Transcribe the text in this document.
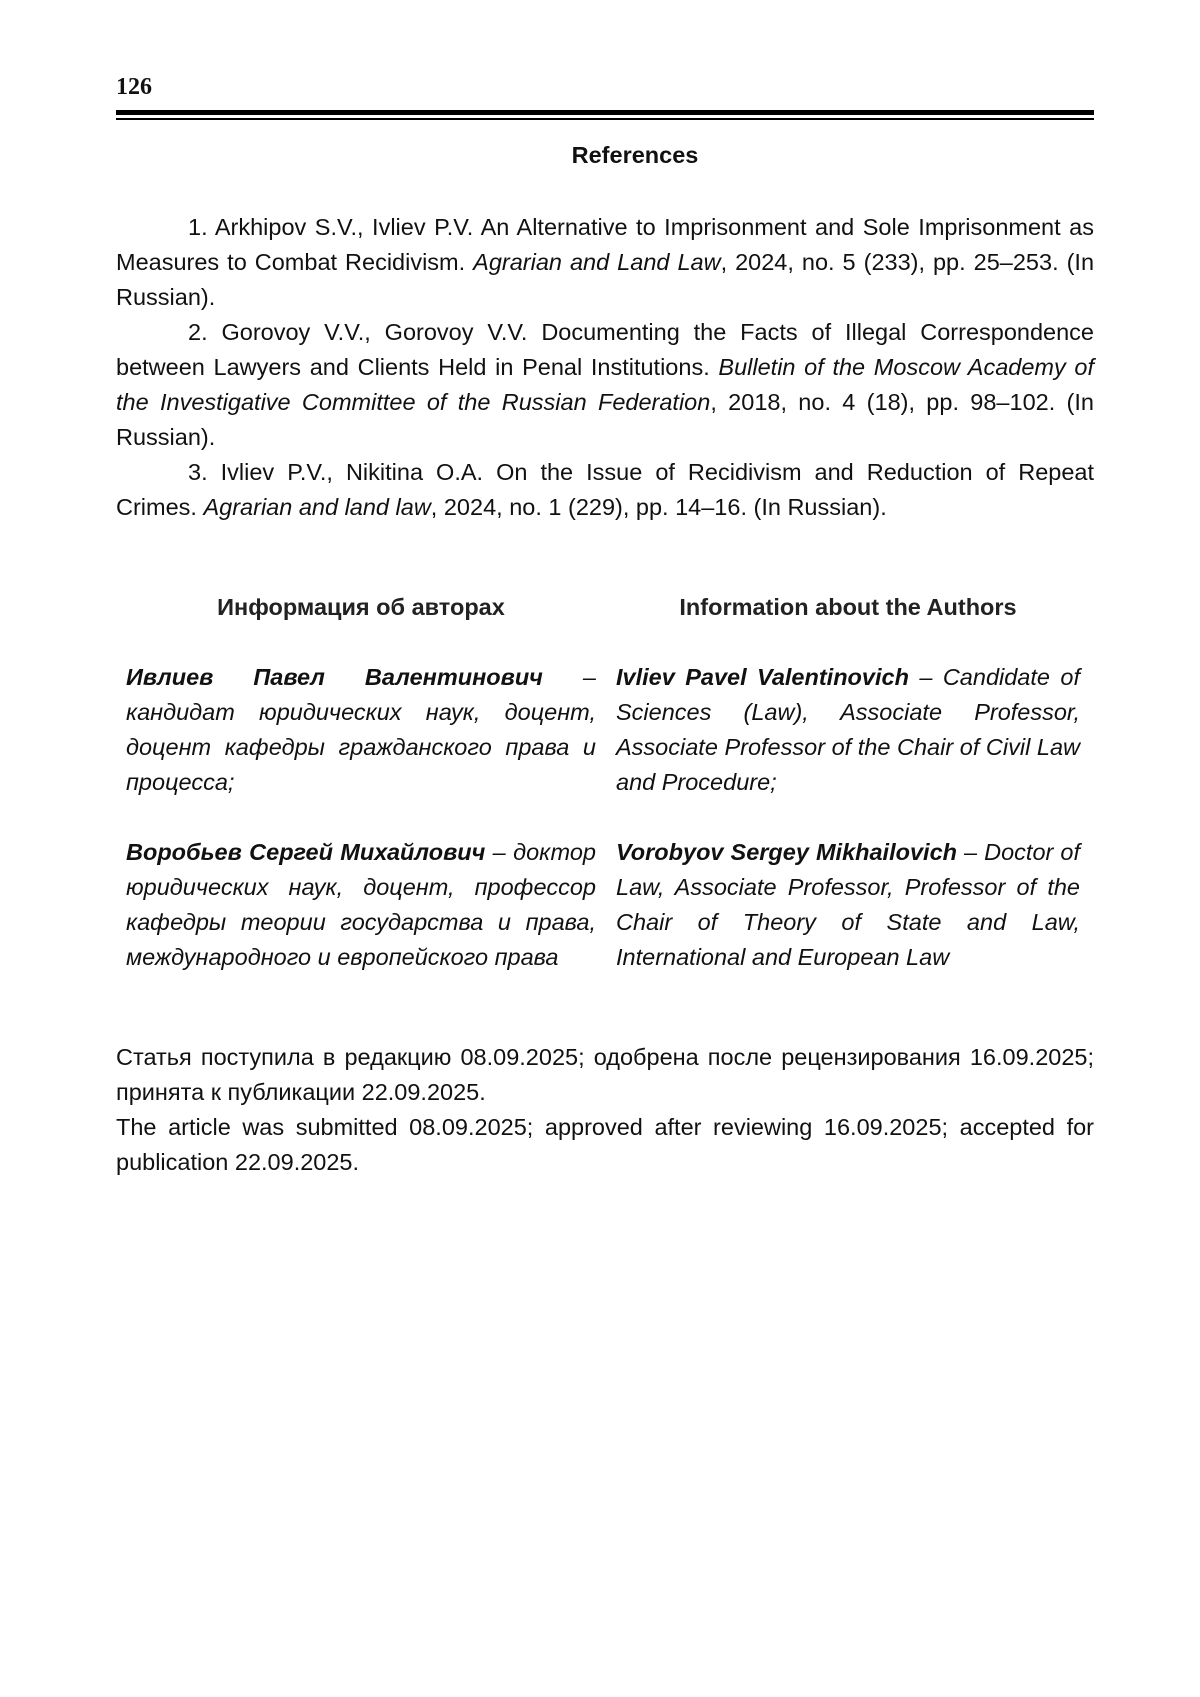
126
References

1. Arkhipov S.V., Ivliev P.V. An Alternative to Imprisonment and Sole Imprisonment as Measures to Combat Recidivism. Agrarian and Land Law, 2024, no. 5 (233), pp. 25–253. (In Russian).

2. Gorovoy V.V., Gorovoy V.V. Documenting the Facts of Illegal Correspondence between Lawyers and Clients Held in Penal Institutions. Bulletin of the Moscow Academy of the Investigative Committee of the Russian Federation, 2018, no. 4 (18), pp. 98–102. (In Russian).

3. Ivliev P.V., Nikitina O.A. On the Issue of Recidivism and Reduction of Repeat Crimes. Agrarian and land law, 2024, no. 1 (229), pp. 14–16. (In Russian).

Информация об авторах

Ивлиев Павел Валентинович – кандидат юридических наук, доцент, доцент кафедры гражданского права и процесса;

Воробьев Сергей Михайлович – доктор юридических наук, доцент, профессор кафедры теории государства и права, международного и европейского права

Information about the Authors

Ivliev Pavel Valentinovich – Candidate of Sciences (Law), Associate Professor, Associate Professor of the Chair of Civil Law and Procedure;

Vorobyov Sergey Mikhailovich – Doctor of Law, Associate Professor, Professor of the Chair of Theory of State and Law, International and European Law

Статья поступила в редакцию 08.09.2025; одобрена после рецензирования 16.09.2025; принята к публикации 22.09.2025.

The article was submitted 08.09.2025; approved after reviewing 16.09.2025; accepted for publication 22.09.2025.
